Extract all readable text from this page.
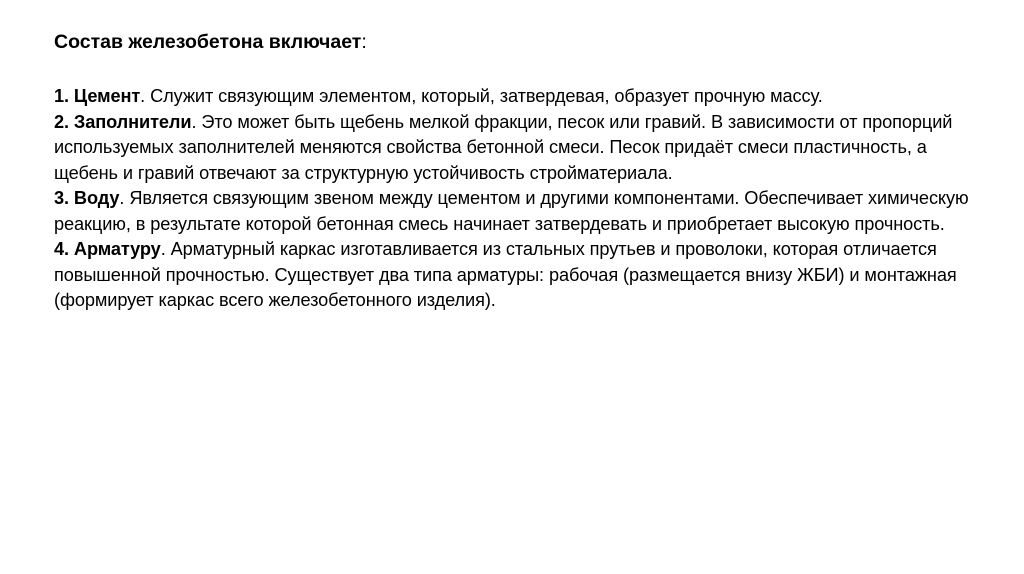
Состав железобетона включает:

1. Цемент. Служит связующим элементом, который, затвердевая, образует прочную массу.

2. Заполнители. Это может быть щебень мелкой фракции, песок или гравий. В зависимости от пропорций используемых заполнителей меняются свойства бетонной смеси. Песок придаёт смеси пластичность, а щебень и гравий отвечают за структурную устойчивость стройматериала.

3. Воду. Является связующим звеном между цементом и другими компонентами. Обеспечивает химическую реакцию, в результате которой бетонная смесь начинает затвердевать и приобретает высокую прочность.

4. Арматуру. Арматурный каркас изготавливается из стальных прутьев и проволоки, которая отличается повышенной прочностью. Существует два типа арматуры: рабочая (размещается внизу ЖБИ) и монтажная (формирует каркас всего железобетонного изделия).
